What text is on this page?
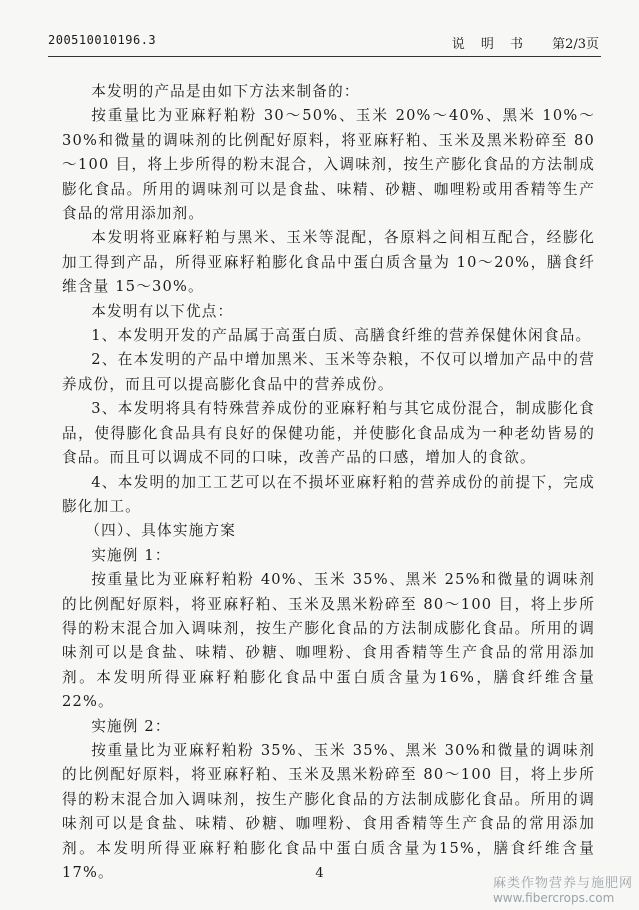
200510010196.3	说 明 书 第2/3页

本发明的产品是由如下方法来制备的：

按重量比为亚麻籽粕粉 30～50%、玉米 20%～40%、黑米 10%～30%和微量的调味剂的比例配好原料，将亚麻籽粕、玉米及黑米粉碎至 80～100 目，将上步所得的粉末混合，入调味剂，按生产膨化食品的方法制成膨化食品。所用的调味剂可以是食盐、味精、砂糖、咖哩粉或用香精等生产食品的常用添加剂。

本发明将亚麻籽粕与黑米、玉米等混配，各原料之间相互配合，经膨化加工得到产品，所得亚麻籽粕膨化食品中蛋白质含量为 10～20%，膳食纤维含量 15～30%。

本发明有以下优点：

1、本发明开发的产品属于高蛋白质、高膳食纤维的营养保健休闲食品。

2、在本发明的产品中增加黑米、玉米等杂粮，不仅可以增加产品中的营养成份，而且可以提高膨化食品中的营养成份。

3、本发明将具有特殊营养成份的亚麻籽粕与其它成份混合，制成膨化食品，使得膨化食品具有良好的保健功能，并使膨化食品成为一种老幼皆易的食品。而且可以调成不同的口味，改善产品的口感，增加人的食欲。

4、本发明的加工工艺可以在不损坏亚麻籽粕的营养成份的前提下，完成膨化加工。

（四）、具体实施方案

实施例 1：

按重量比为亚麻籽粕粉 40%、玉米 35%、黑米 25%和微量的调味剂的比例配好原料，将亚麻籽粕、玉米及黑米粉碎至 80～100 目，将上步所得的粉末混合加入调味剂，按生产膨化食品的方法制成膨化食品。所用的调味剂可以是食盐、味精、砂糖、咖哩粉、食用香精等生产食品的常用添加剂。本发明所得亚麻籽粕膨化食品中蛋白质含量为16%，膳食纤维含量 22%。

实施例 2：

按重量比为亚麻籽粕粉 35%、玉米 35%、黑米 30%和微量的调味剂的比例配好原料，将亚麻籽粕、玉米及黑米粉碎至 80～100 目，将上步所得的粉末混合加入调味剂，按生产膨化食品的方法制成膨化食品。所用的调味剂可以是食盐、味精、砂糖、咖哩粉、食用香精等生产食品的常用添加剂。本发明所得亚麻籽粕膨化食品中蛋白质含量为15%，膳食纤维含量 17%。	4
麻类作物营养与施肥网
www.fibercrops.com
